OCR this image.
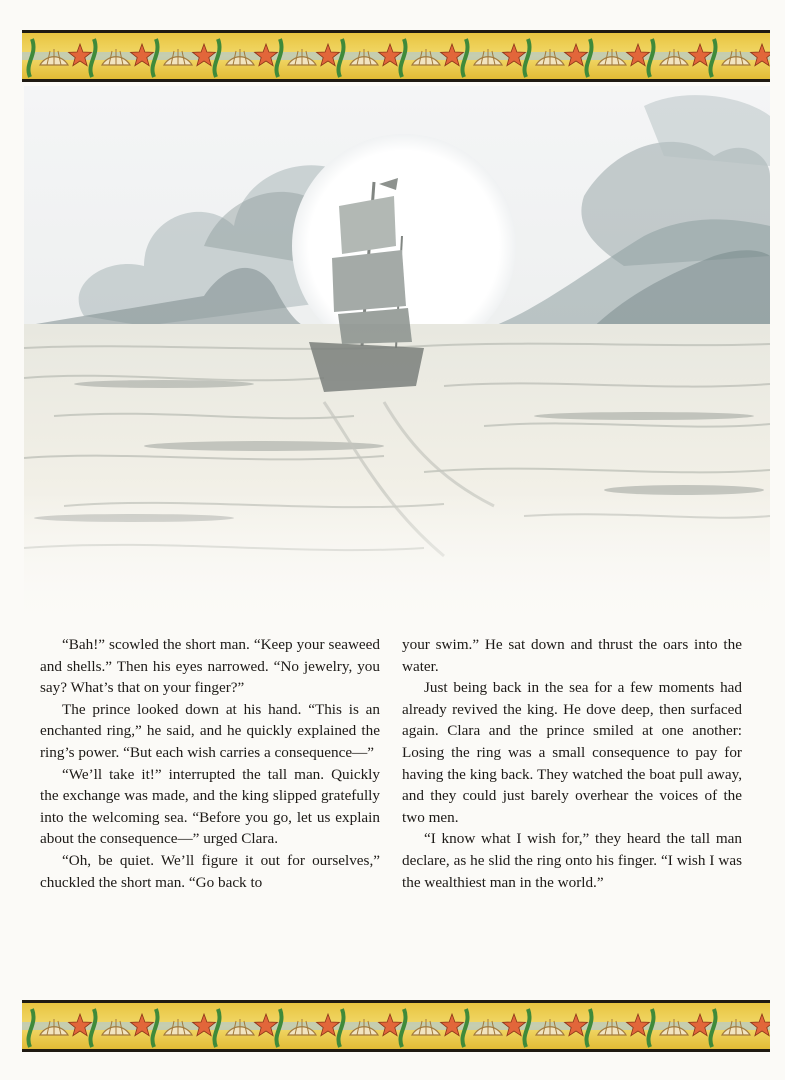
“Bah!” scowled the short man. “Keep your seaweed and shells.” Then his eyes narrowed. “No jewelry, you say? What’s that on your finger?”

The prince looked down at his hand. “This is an enchanted ring,” he said, and he quickly explained the ring’s power. “But each wish carries a consequence—”

“We’ll take it!” interrupted the tall man. Quickly the exchange was made, and the king slipped gratefully into the welcoming sea. “Before you go, let us explain about the consequence—” urged Clara.

“Oh, be quiet. We’ll figure it out for ourselves,” chuckled the short man. “Go back to

your swim.” He sat down and thrust the oars into the water.

Just being back in the sea for a few moments had already revived the king. He dove deep, then surfaced again. Clara and the prince smiled at one another: Losing the ring was a small consequence to pay for having the king back. They watched the boat pull away, and they could just barely overhear the voices of the two men.

“I know what I wish for,” they heard the tall man declare, as he slid the ring onto his finger. “I wish I was the wealthiest man in the world.”
